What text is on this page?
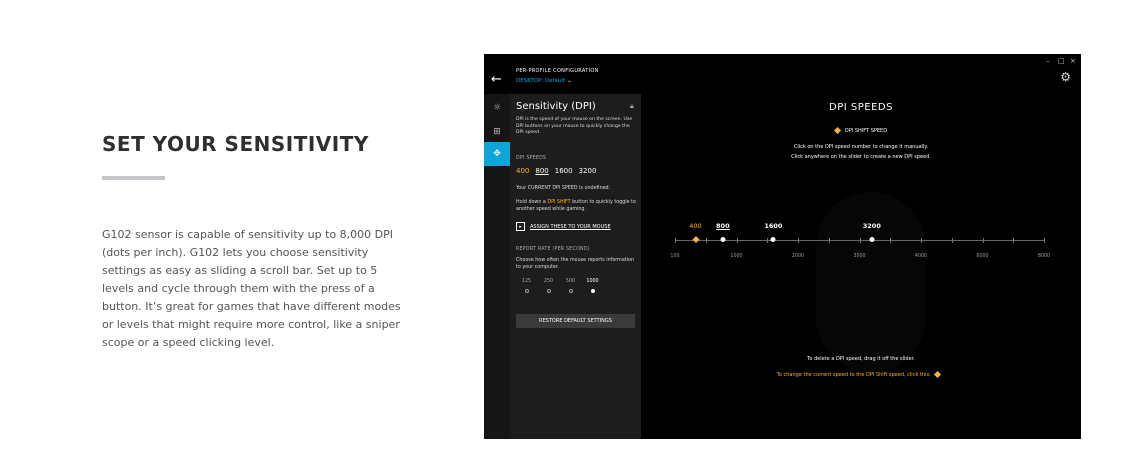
SET YOUR SENSITIVITY

G102 sensor is capable of sensitivity up to 8,000 DPI (dots per inch). G102 lets you choose sensitivity settings as easy as sliding a scroll bar. Set up to 5 levels and cycle through them with the press of a button. It’s great for games that have different modes or levels that might require more control, like a sniper scope or a speed clicking level.

←
PER-PROFILE CONFIGURATION
DESKTOP: Default ⌄
– □ ×
⚙
☼
⊞
✥
Sensitivity (DPI)	🔒︎

DPI is the speed of your mouse on the screen. Use DPI buttons on your mouse to quickly change the DPI speed.

DPI SPEEDS
400 800 1600 3200

Your CURRENT DPI SPEED is undefined.

Hold down a DPI SHIFT button to quickly toggle to another speed while gaming.

▸	ASSIGN THESE TO YOUR MOUSE
REPORT RATE (PER SECOND)

Choose how often the mouse reports information to your computer.

125	250	500 1000
RESTORE DEFAULT SETTINGS
DPI SPEEDS
DPI SHIFT SPEED
Click on the DPI speed number to change it manually.
Click anywhere on the slider to create a new DPI speed.
100	1000	2000	3000	4000	6000	8000
400 800	1600	3200
To delete a DPI speed, drag it off the slider.
To change the current speed to the DPI Shift speed, click this:
